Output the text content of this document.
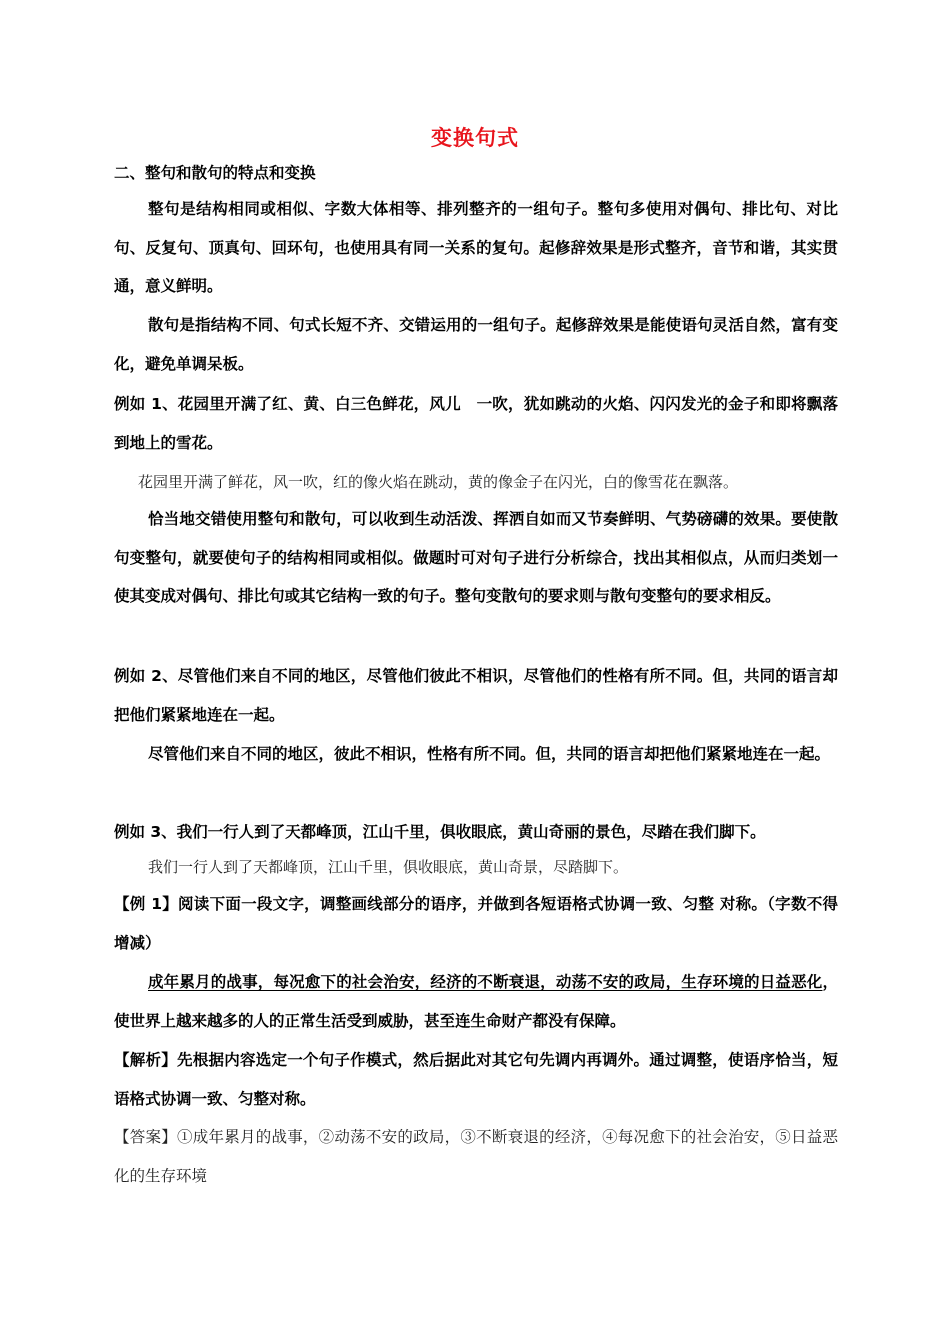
变换句式
二、整句和散句的特点和变换
整句是结构相同或相似、字数大体相等、排列整齐的一组句子。整句多使用对偶句、排比句、对比句、反复句、顶真句、回环句，也使用具有同一关系的复句。起修辞效果是形式整齐，音节和谐，其实贯通，意义鲜明。
散句是指结构不同、句式长短不齐、交错运用的一组句子。起修辞效果是能使语句灵活自然，富有变化，避免单调呆板。
例如 1、花园里开满了红、黄、白三色鲜花，风儿　一吹，犹如跳动的火焰、闪闪发光的金子和即将飘落到地上的雪花。
花园里开满了鲜花，风一吹，红的像火焰在跳动，黄的像金子在闪光，白的像雪花在飘落。
恰当地交错使用整句和散句，可以收到生动活泼、挥洒自如而又节奏鲜明、气势磅礴的效果。要使散句变整句，就要使句子的结构相同或相似。做题时可对句子进行分析综合，找出其相似点，从而归类划一使其变成对偶句、排比句或其它结构一致的句子。整句变散句的要求则与散句变整句的要求相反。
例如 2、尽管他们来自不同的地区，尽管他们彼此不相识，尽管他们的性格有所不同。但，共同的语言却把他们紧紧地连在一起。
尽管他们来自不同的地区，彼此不相识，性格有所不同。但，共同的语言却把他们紧紧地连在一起。
例如 3、我们一行人到了天都峰顶，江山千里，俱收眼底，黄山奇丽的景色，尽踏在我们脚下。
我们一行人到了天都峰顶，江山千里，俱收眼底，黄山奇景，尽踏脚下。
【例 1】阅读下面一段文字，调整画线部分的语序，并做到各短语格式协调一致、匀整 对称。（字数不得增减）
成年累月的战事，每况愈下的社会治安，经济的不断衰退，动荡不安的政局，生存环境的日益恶化，使世界上越来越多的人的正常生活受到威胁，甚至连生命财产都没有保障。
【解析】先根据内容选定一个句子作模式，然后据此对其它句先调内再调外。通过调整，使语序恰当，短语格式协调一致、匀整对称。
【答案】①成年累月的战事，②动荡不安的政局，③不断衰退的经济，④每况愈下的社会治安，⑤日益恶化的生存环境
